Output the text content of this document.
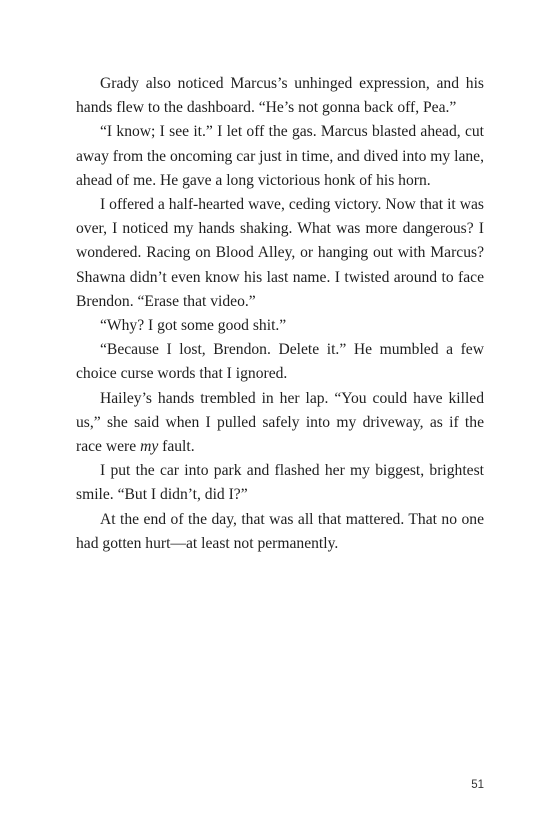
Grady also noticed Marcus’s unhinged expression, and his hands flew to the dashboard. “He’s not gonna back off, Pea.”

“I know; I see it.” I let off the gas. Marcus blasted ahead, cut away from the oncoming car just in time, and dived into my lane, ahead of me. He gave a long victorious honk of his horn.

I offered a half-hearted wave, ceding victory. Now that it was over, I noticed my hands shaking. What was more dangerous? I wondered. Racing on Blood Alley, or hanging out with Marcus? Shawna didn’t even know his last name. I twisted around to face Brendon. “Erase that video.”

“Why? I got some good shit.”

“Because I lost, Brendon. Delete it.” He mumbled a few choice curse words that I ignored.

Hailey’s hands trembled in her lap. “You could have killed us,” she said when I pulled safely into my driveway, as if the race were my fault.

I put the car into park and flashed her my biggest, brightest smile. “But I didn’t, did I?”

At the end of the day, that was all that mattered. That no one had gotten hurt—at least not permanently.

51
